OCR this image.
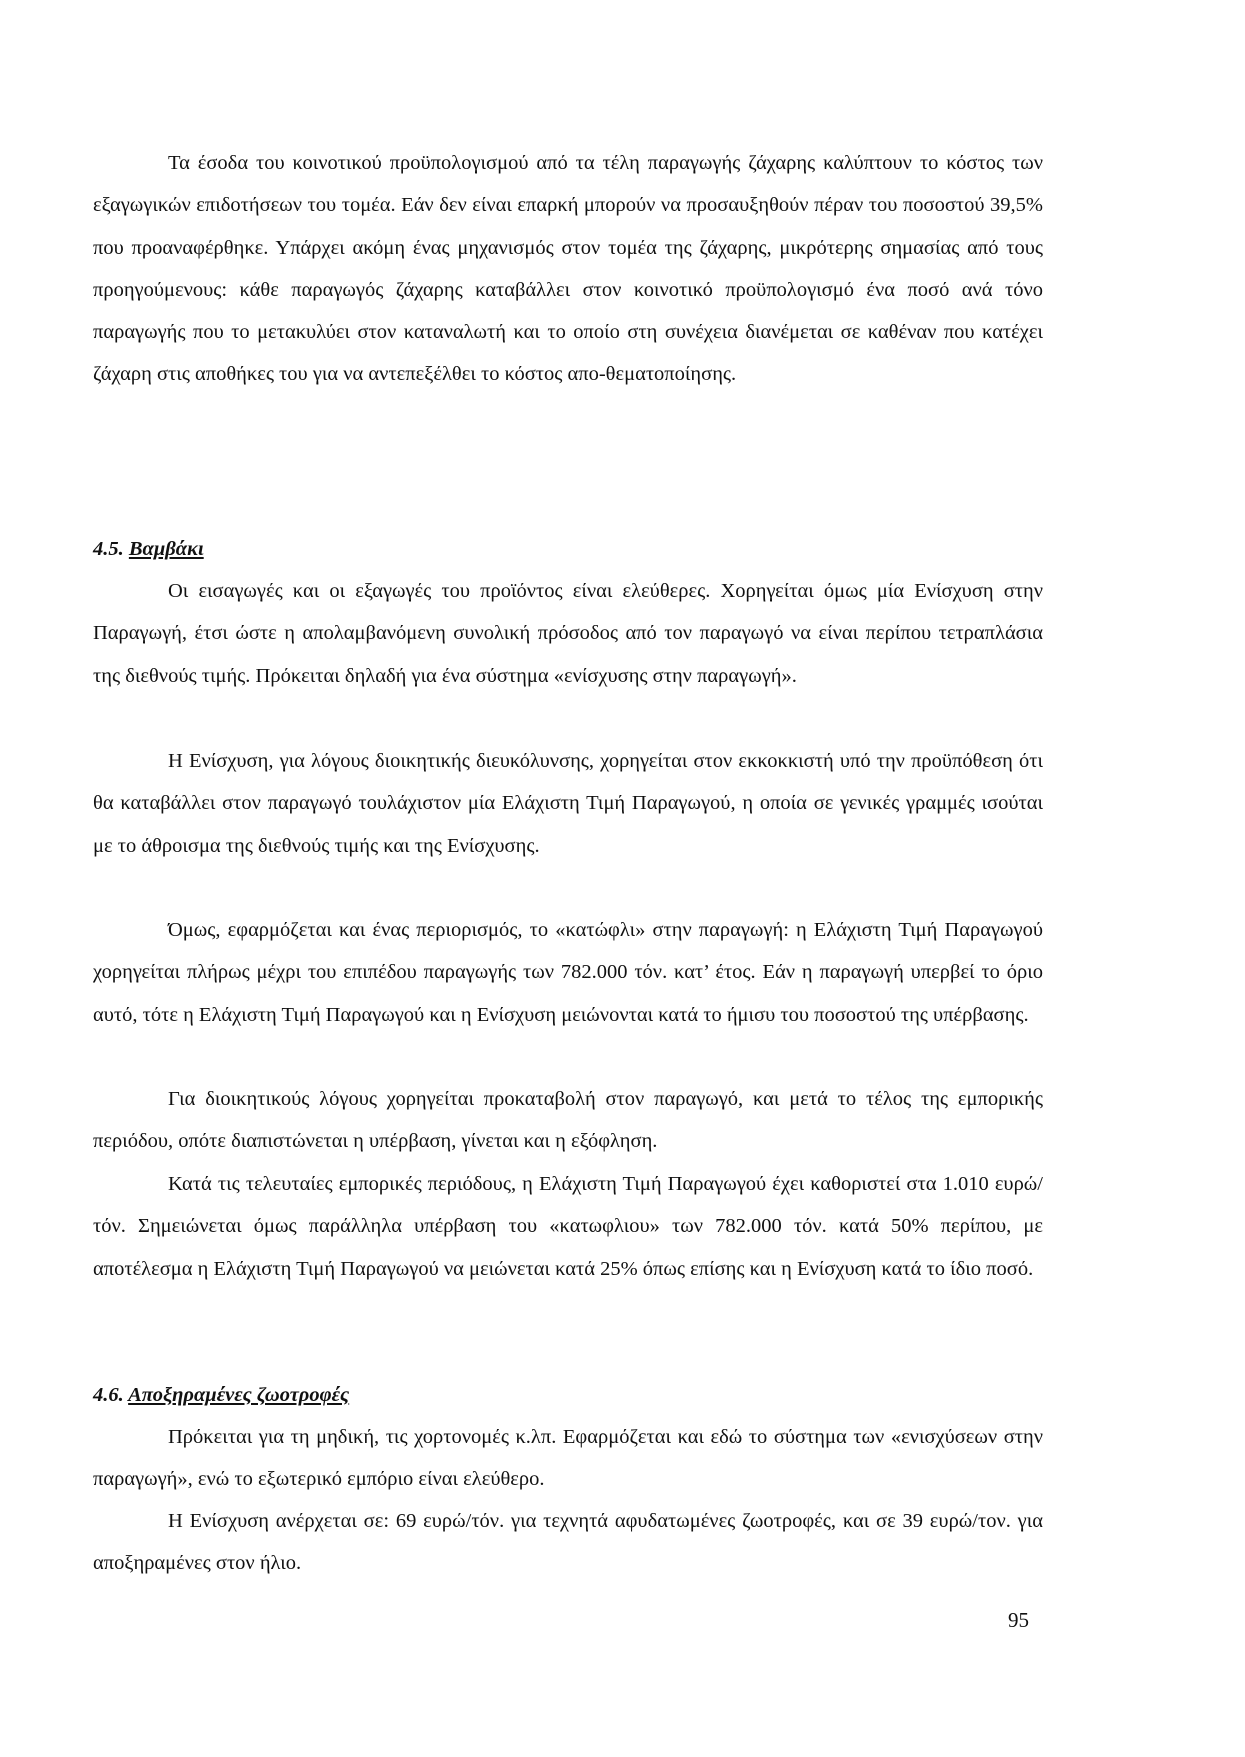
Τα έσοδα του κοινοτικού προϋπολογισμού από τα τέλη παραγωγής ζάχαρης καλύπτουν το κόστος των εξαγωγικών επιδοτήσεων του τομέα. Εάν δεν είναι επαρκή μπορούν να προσαυξηθούν πέραν του ποσοστού 39,5% που προαναφέρθηκε. Υπάρχει ακόμη ένας μηχανισμός στον τομέα της ζάχαρης, μικρότερης σημασίας από τους προηγούμενους: κάθε παραγωγός ζάχαρης καταβάλλει στον κοινοτικό προϋπολογισμό ένα ποσό ανά τόνο παραγωγής που το μετακυλύει στον καταναλωτή και το οποίο στη συνέχεια διανέμεται σε καθέναν που κατέχει ζάχαρη στις αποθήκες του για να αντεπεξέλθει το κόστος απο-θεματοποίησης.

4.5. Βαμβάκι

Οι εισαγωγές και οι εξαγωγές του προϊόντος είναι ελεύθερες. Χορηγείται όμως μία Ενίσχυση στην Παραγωγή, έτσι ώστε η απολαμβανόμενη συνολική πρόσοδος από τον παραγωγό να είναι περίπου τετραπλάσια της διεθνούς τιμής. Πρόκειται δηλαδή για ένα σύστημα «ενίσχυσης στην παραγωγή».

Η Ενίσχυση, για λόγους διοικητικής διευκόλυνσης, χορηγείται στον εκκοκκιστή υπό την προϋπόθεση ότι θα καταβάλλει στον παραγωγό τουλάχιστον μία Ελάχιστη Τιμή Παραγωγού, η οποία σε γενικές γραμμές ισούται με το άθροισμα της διεθνούς τιμής και της Ενίσχυσης.

Όμως, εφαρμόζεται και ένας περιορισμός, το «κατώφλι» στην παραγωγή: η Ελάχιστη Τιμή Παραγωγού χορηγείται πλήρως μέχρι του επιπέδου παραγωγής των 782.000 τόν. κατ’ έτος. Εάν η παραγωγή υπερβεί το όριο αυτό, τότε η Ελάχιστη Τιμή Παραγωγού και η Ενίσχυση μειώνονται κατά το ήμισυ του ποσοστού της υπέρβασης.

Για διοικητικούς λόγους χορηγείται προκαταβολή στον παραγωγό, και μετά το τέλος της εμπορικής περιόδου, οπότε διαπιστώνεται η υπέρβαση, γίνεται και η εξόφληση.

Κατά τις τελευταίες εμπορικές περιόδους, η Ελάχιστη Τιμή Παραγωγού έχει καθοριστεί στα 1.010 ευρώ/τόν. Σημειώνεται όμως παράλληλα υπέρβαση του «κατωφλιου» των 782.000 τόν. κατά 50% περίπου, με αποτέλεσμα η Ελάχιστη Τιμή Παραγωγού να μειώνεται κατά 25% όπως επίσης και η Ενίσχυση κατά το ίδιο ποσό.

4.6. Αποξηραμένες ζωοτροφές

Πρόκειται για τη μηδική, τις χορτονομές κ.λπ. Εφαρμόζεται και εδώ το σύστημα των «ενισχύσεων στην παραγωγή», ενώ το εξωτερικό εμπόριο είναι ελεύθερο.

Η Ενίσχυση ανέρχεται σε: 69 ευρώ/τόν. για τεχνητά αφυδατωμένες ζωοτροφές, και σε 39 ευρώ/τον. για αποξηραμένες στον ήλιο.

95
